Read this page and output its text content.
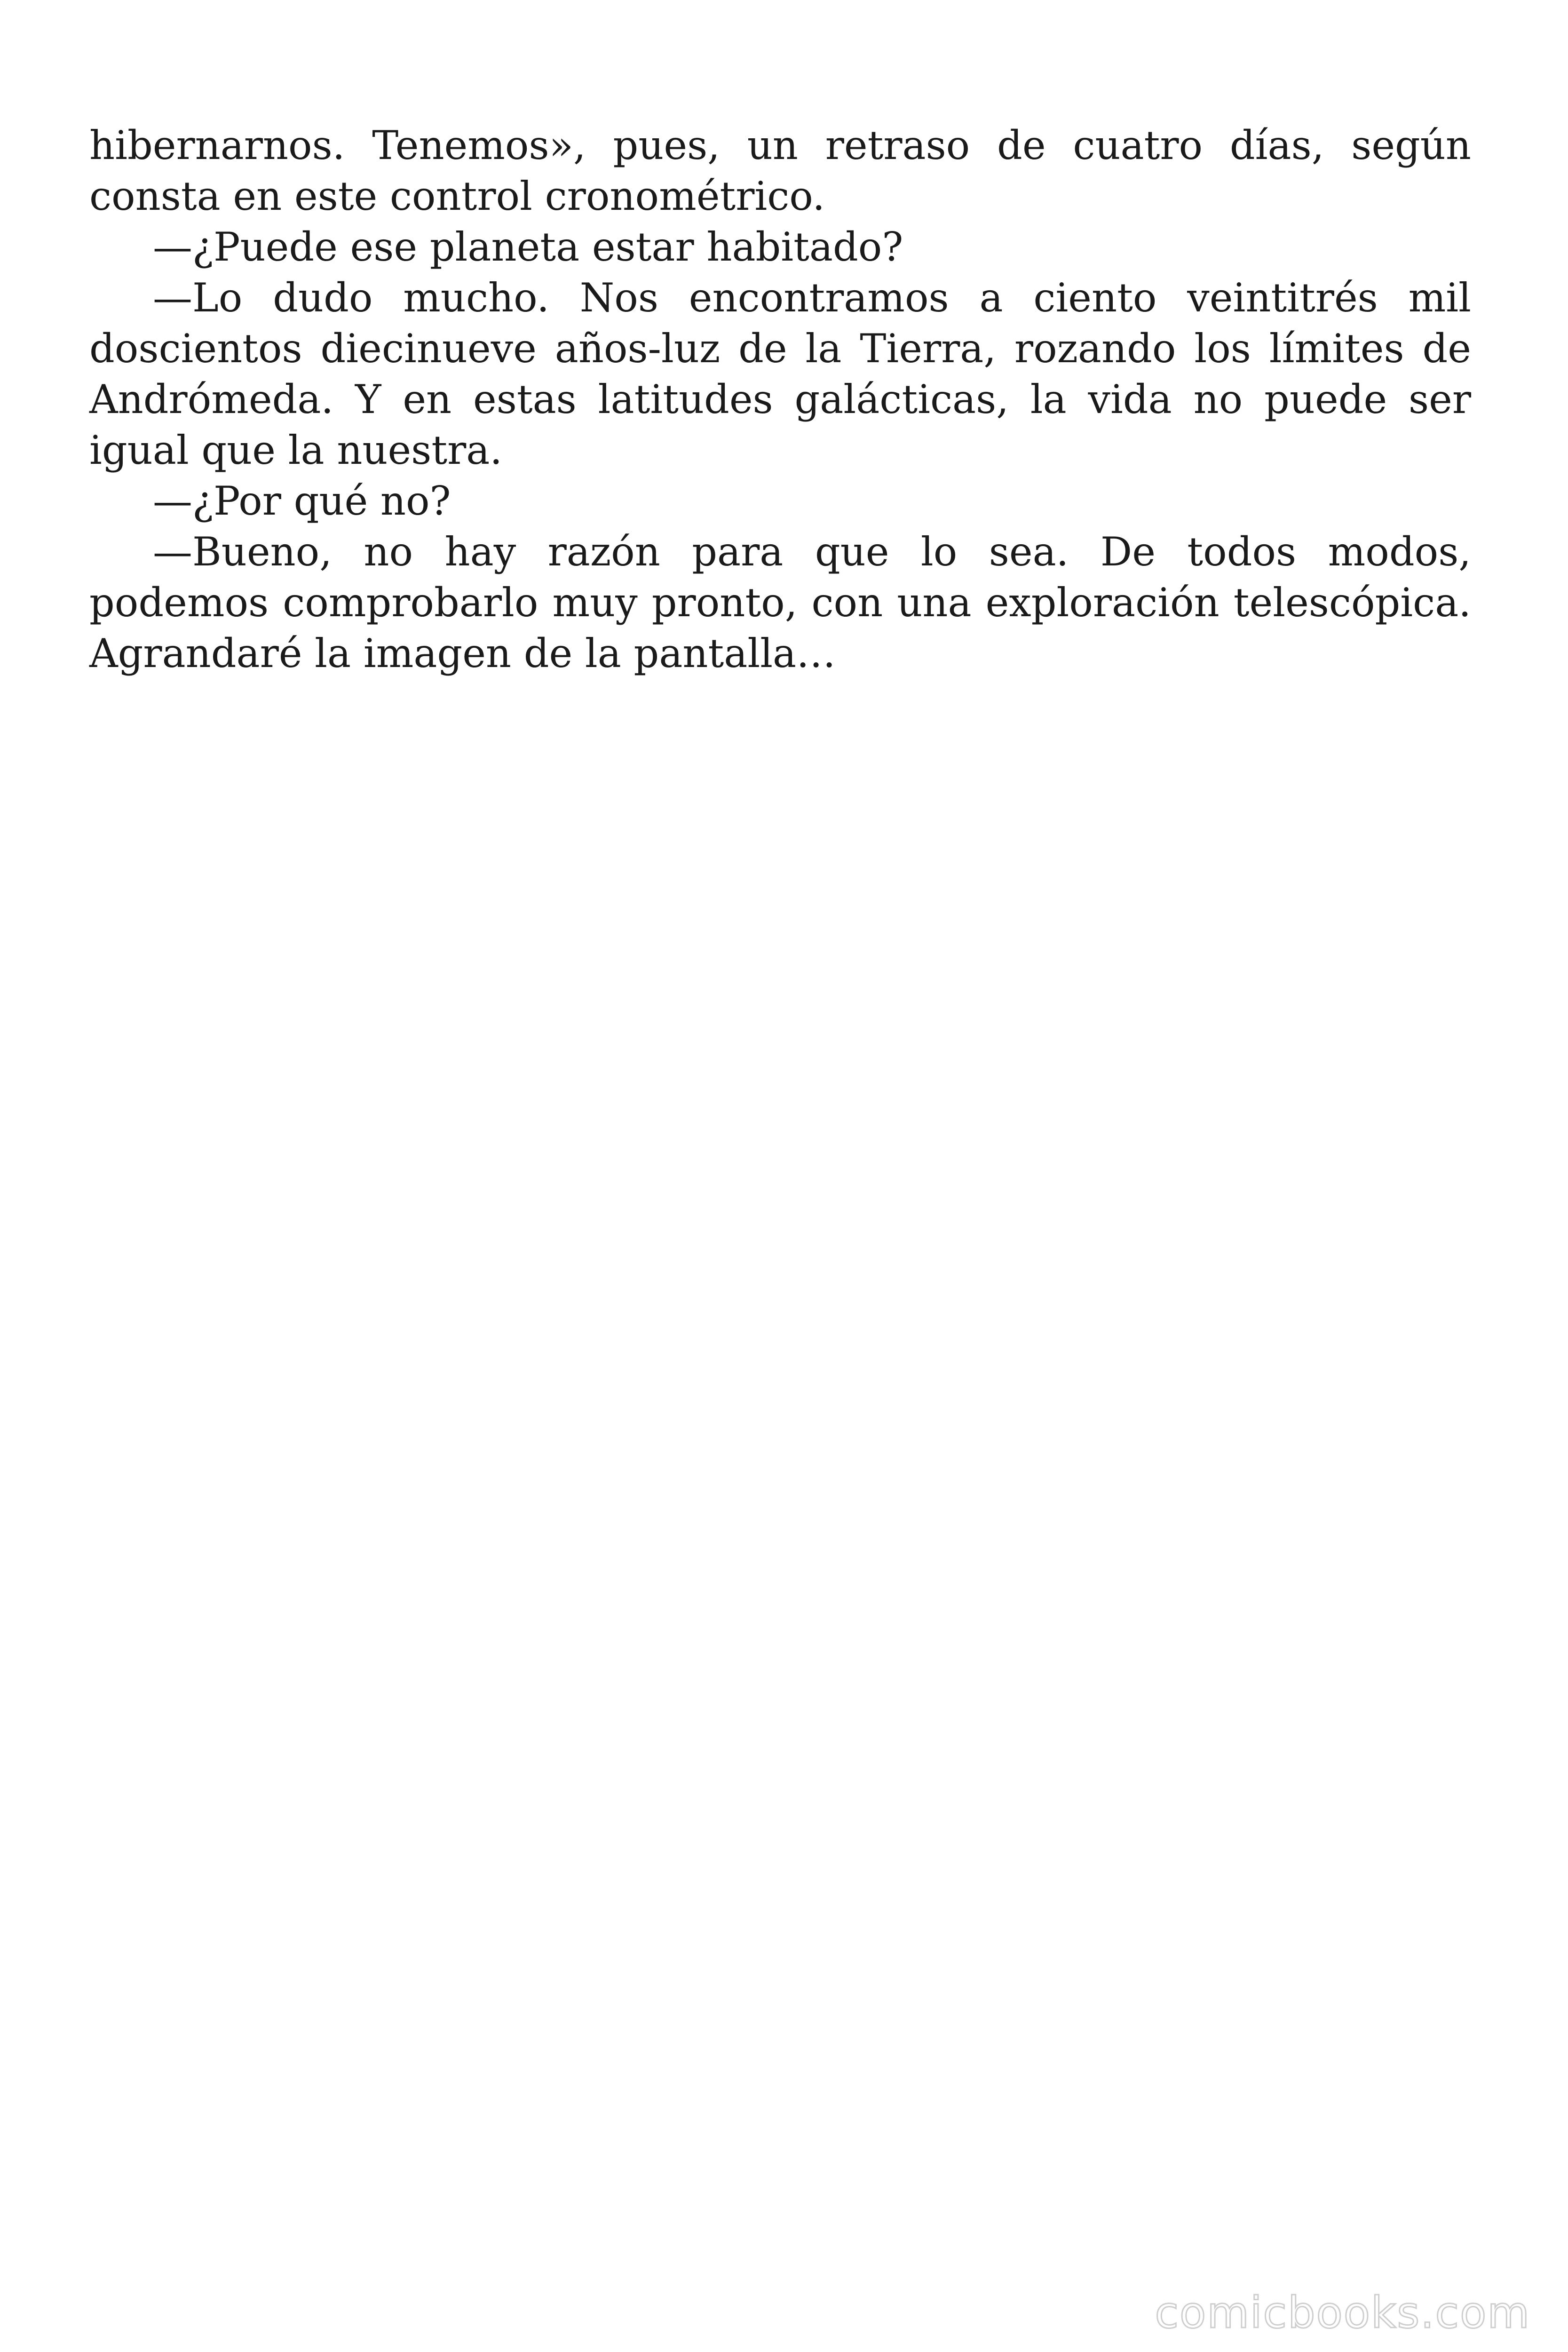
hibernarnos. Tenemos», pues, un retraso de cuatro días, según consta en este control cronométrico.

—¿Puede ese planeta estar habitado?

—Lo dudo mucho. Nos encontramos a ciento veintitrés mil doscientos diecinueve años-luz de la Tierra, rozando los límites de Andrómeda. Y en estas latitudes galácticas, la vida no puede ser igual que la nuestra.

—¿Por qué no?

—Bueno, no hay razón para que lo sea. De todos modos, podemos comprobarlo muy pronto, con una exploración telescópica. Agrandaré la imagen de la pantalla…

comicbooks.com
